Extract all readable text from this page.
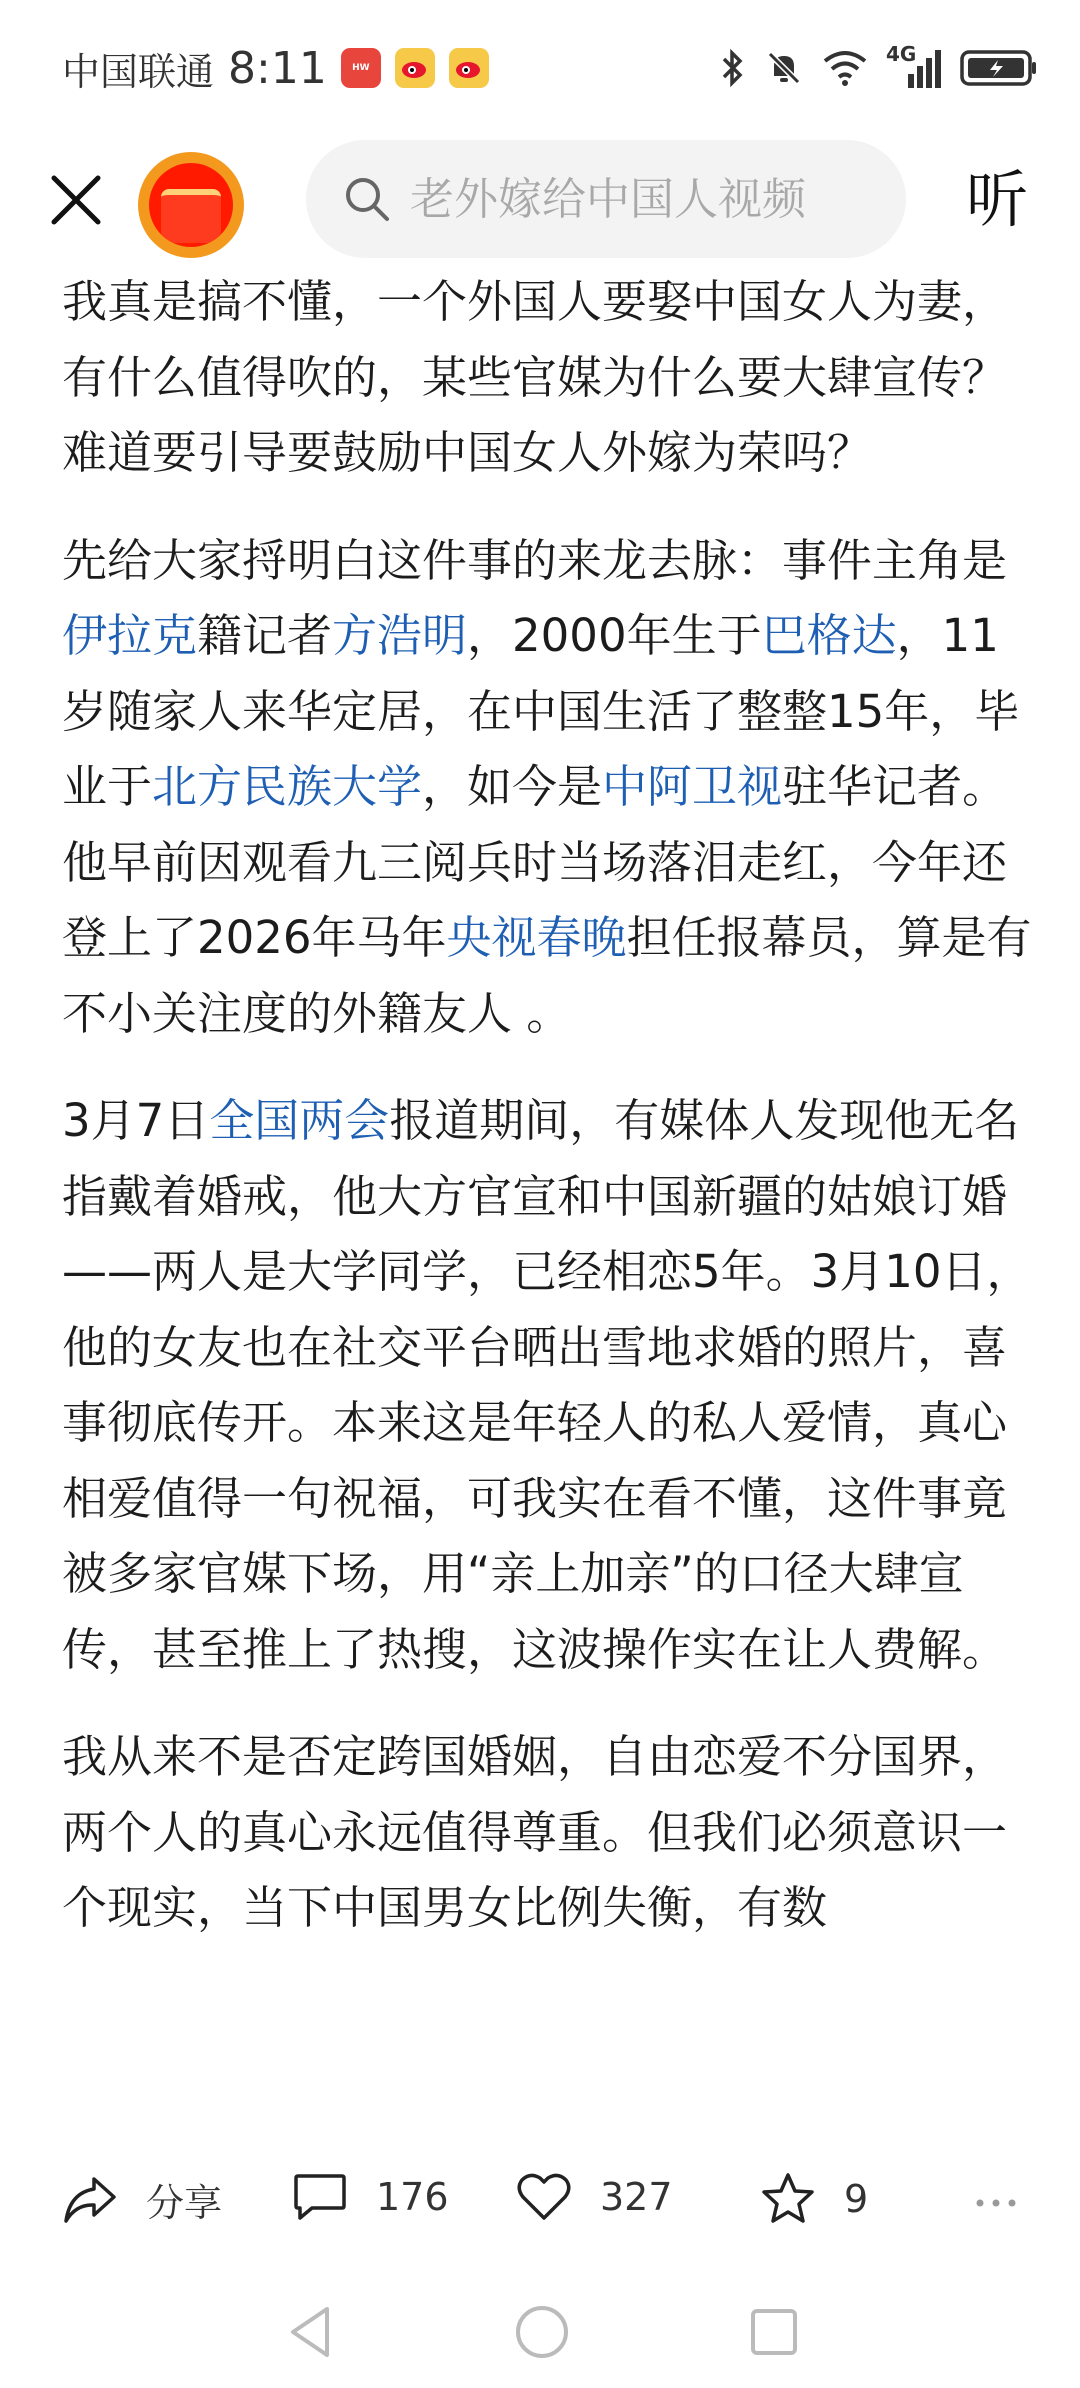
中国联通 8:11	HW
4G
老外嫁给中国人视频
听

我真是搞不懂，一个外国人要娶中国女人为妻，有什么值得吹的，某些官媒为什么要大肆宣传？难道要引导要鼓励中国女人外嫁为荣吗？

先给大家捋明白这件事的来龙去脉：事件主角是伊拉克籍记者方浩明，2000年生于巴格达，11岁随家人来华定居，在中国生活了整整15年，毕业于北方民族大学，如今是中阿卫视驻华记者。他早前因观看九三阅兵时当场落泪走红，今年还登上了2026年马年央视春晚担任报幕员，算是有不小关注度的外籍友人 。

3月7日全国两会报道期间，有媒体人发现他无名指戴着婚戒，他大方官宣和中国新疆的姑娘订婚——两人是大学同学，已经相恋5年。3月10日，他的女友也在社交平台晒出雪地求婚的照片，喜事彻底传开。本来这是年轻人的私人爱情，真心相爱值得一句祝福，可我实在看不懂，这件事竟被多家官媒下场，用“亲上加亲”的口径大肆宣传，甚至推上了热搜，这波操作实在让人费解。

我从来不是否定跨国婚姻，自由恋爱不分国界，两个人的真心永远值得尊重。但我们必须意识一个现实，当下中国男女比例失衡，有数

分享	176	327	9
